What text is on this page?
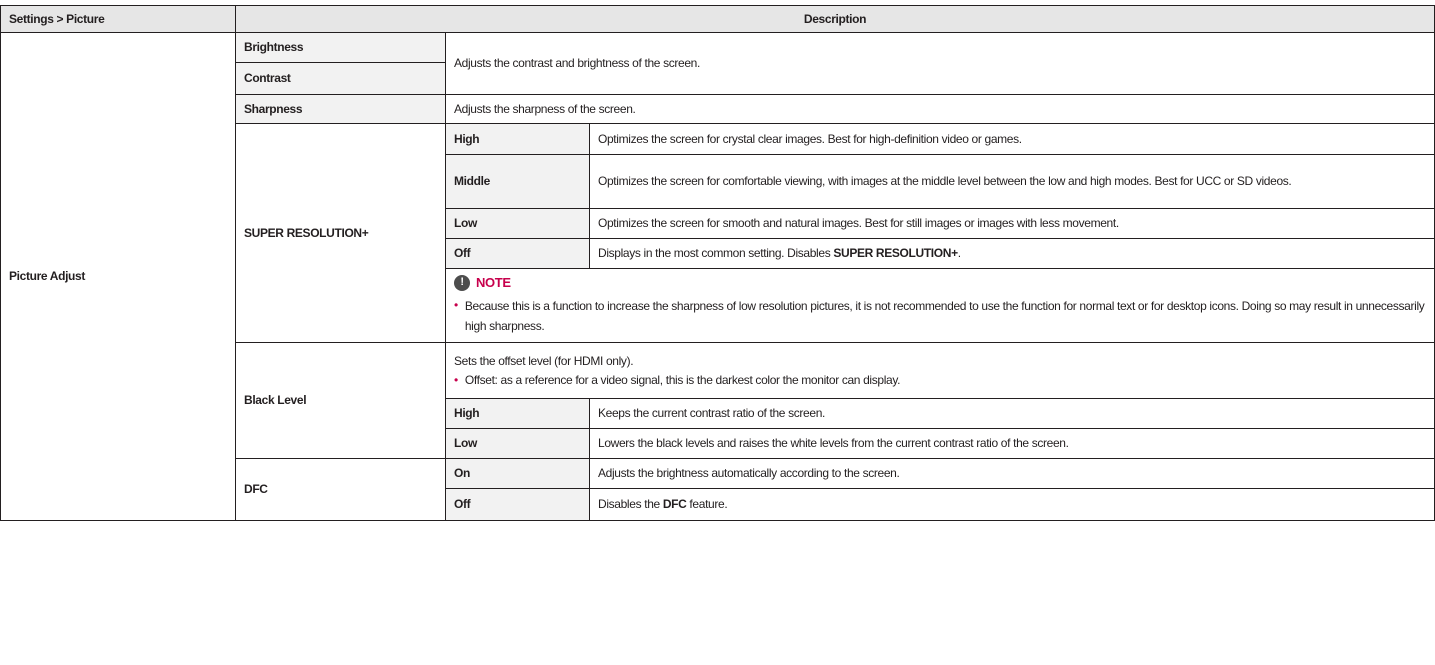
Settings > Picture	Description		
Picture Adjust	Brightness	Adjusts the contrast and brightness of the screen.	
	Contrast		
	Sharpness	Adjusts the sharpness of the screen.	
	SUPER RESOLUTION+	High	Optimizes the screen for crystal clear images. Best for high-definition video or games.
		Middle	Optimizes the screen for comfortable viewing, with images at the middle level between the low and high modes. Best for UCC or SD videos.
		Low	Optimizes the screen for smooth and natural images. Best for still images or images with less movement.
		Off	Displays in the most common setting. Disables SUPER RESOLUTION+.

! NOTE
• Because this is a function to increase the sharpness of low resolution pictures, it is not recommended to use the function for normal text or for desktop icons. Doing so may result in unnecessarily high sharpness.	

	Black Level	Sets the offset level (for HDMI only).
• Offset: as a reference for a video signal, this is the darkest color the monitor can display.	

		High	Keeps the current contrast ratio of the screen.
		Low	Lowers the black levels and raises the white levels from the current contrast ratio of the screen.
	DFC	On	Adjusts the brightness automatically according to the screen.
		Off	Disables the DFC feature.
